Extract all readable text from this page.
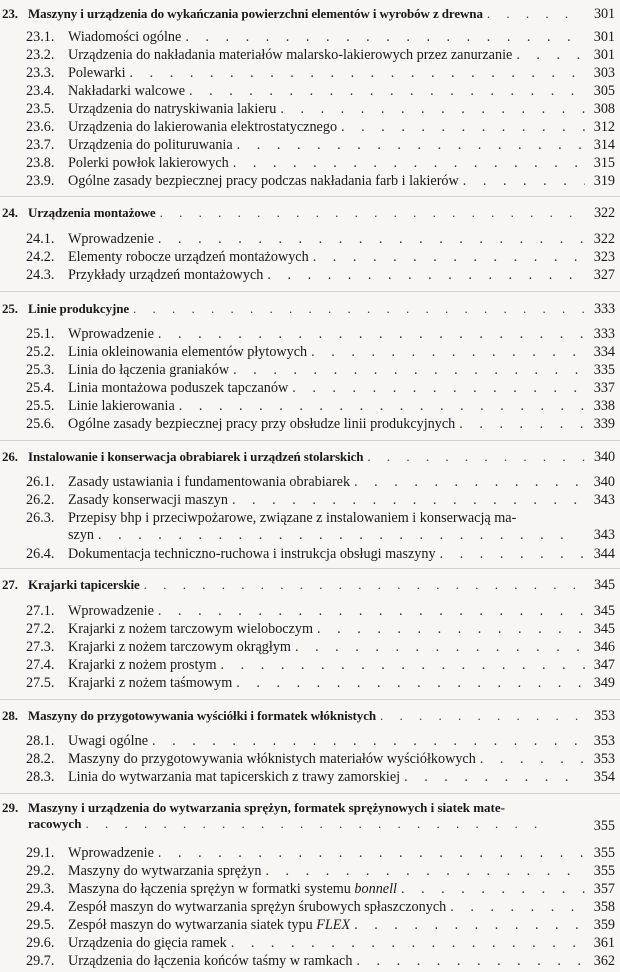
23. Maszyny i urządzenia do wykańczania powierzchni elementów i wyrobów z drewna . . .	301
23.1. Wiadomości ogólne . . .	301
23.2. Urządzenia do nakładania materiałów malarsko-lakierowych przez zanurzanie . . .	301
23.3. Polewarki . . .	303
23.4. Nakładarki walcowe . . .	305
23.5. Urządzenia do natryskiwania lakieru . . .	308
23.6. Urządzenia do lakierowania elektrostatycznego . . .	312
23.7. Urządzenia do polituruwania . . .	314
23.8. Polerki powłok lakierowych . . .	315
23.9. Ogólne zasady bezpiecznej pracy podczas nakładania farb i lakierów . . .	319
24. Urządzenia montażowe . . .	322
24.1. Wprowadzenie . . .	322
24.2. Elementy robocze urządzeń montażowych . . .	323
24.3. Przykłady urządzeń montażowych . . .	327
25. Linie produkcyjne . . .	333
25.1. Wprowadzenie . . .	333
25.2. Linia okleinowania elementów płytowych . . .	334
25.3. Linia do łączenia graniaków . . .	335
25.4. Linia montażowa poduszek tapczanów . . .	337
25.5. Linie lakierowania . . .	338
25.6. Ogólne zasady bezpiecznej pracy przy obsłudze linii produkcyjnych . . .	339
26. Instalowanie i konserwacja obrabiarek i urządzeń stolarskich . . .	340
26.1. Zasady ustawiania i fundamentowania obrabiarek . . .	340
26.2. Zasady konserwacji maszyn . . .	343
26.3. Przepisy bhp i przeciwpożarowe, związane z instalowaniem i konserwacją ma-
szyn . . .	343
26.4. Dokumentacja techniczno-ruchowa i instrukcja obsługi maszyny . . .	344
27. Krajarki tapicerskie . . .	345
27.1. Wprowadzenie . . .	345
27.2. Krajarki z nożem tarczowym wieloboczym . . .	345
27.3. Krajarki z nożem tarczowym okrągłym . . .	346
27.4. Krajarki z nożem prostym . . .	347
27.5. Krajarki z nożem taśmowym . . .	349
28. Maszyny do przygotowywania wyściółki i formatek włóknistych . . .	353
28.1. Uwagi ogólne . . .	353
28.2. Maszyny do przygotowywania włóknistych materiałów wyściółkowych . . .	353
28.3. Linia do wytwarzania mat tapicerskich z trawy zamorskiej . . .	354
29. Maszyny i urządzenia do wytwarzania sprężyn, formatek sprężynowych i siatek mate-
racowych . . .	355
29.1. Wprowadzenie . . .	355
29.2. Maszyny do wytwarzania sprężyn . . .	355
29.3. Maszyna do łączenia sprężyn w formatki systemu bonnell . . .	357
29.4. Zespół maszyn do wytwarzania sprężyn śrubowych spłaszczonych . . .	358
29.5. Zespół maszyn do wytwarzania siatek typu FLEX . . .	359
29.6. Urządzenia do gięcia ramek . . .	361
29.7. Urządzenia do łączenia końców taśmy w ramkach . . .	362
